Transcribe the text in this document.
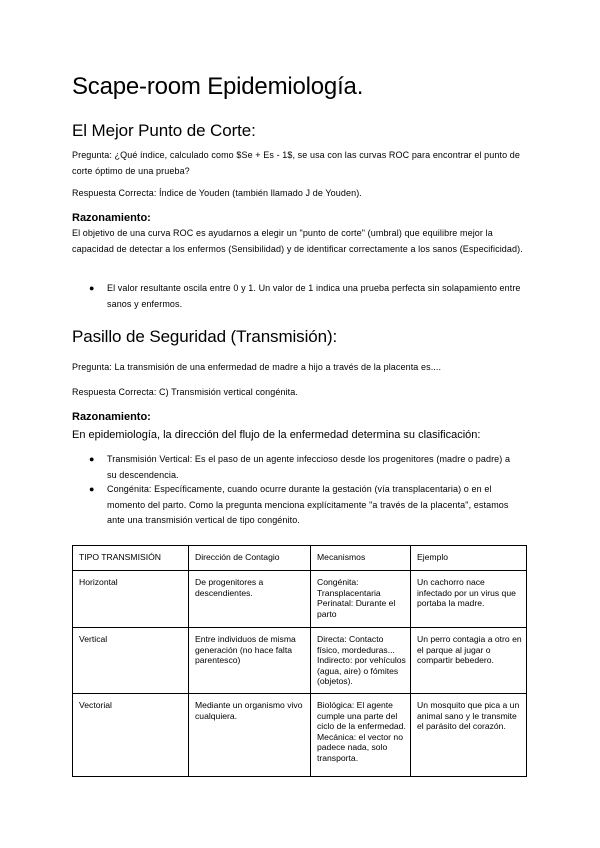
Scape-room Epidemiología.
El Mejor Punto de Corte:

Pregunta: ¿Qué índice, calculado como $Se + Es - 1$, se usa con las curvas ROC para encontrar el punto de corte óptimo de una prueba?

Respuesta Correcta: Índice de Youden (también llamado J de Youden).

Razonamiento:

El objetivo de una curva ROC es ayudarnos a elegir un "punto de corte" (umbral) que equilibre mejor la capacidad de detectar a los enfermos (Sensibilidad) y de identificar correctamente a los sanos (Especificidad).

●	El valor resultante oscila entre 0 y 1. Un valor de 1 indica una prueba perfecta sin solapamiento entre sanos y enfermos.
Pasillo de Seguridad (Transmisión):

Pregunta: La transmisión de una enfermedad de madre a hijo a través de la placenta es....

Respuesta Correcta: C) Transmisión vertical congénita.

Razonamiento:

En epidemiología, la dirección del flujo de la enfermedad determina su clasificación:

●	Transmisión Vertical: Es el paso de un agente infeccioso desde los progenitores (madre o padre) a su descendencia.
●	Congénita: Específicamente, cuando ocurre durante la gestación (vía transplacentaria) o en el momento del parto. Como la pregunta menciona explícitamente "a través de la placenta", estamos ante una transmisión vertical de tipo congénito.
TIPO TRANSMISIÓN	Dirección de Contagio	Mecanismos	Ejemplo
Horizontal	De progenitores a descendientes.	Congénita: Transplacentaria Perinatal: Durante el parto	Un cachorro nace infectado por un virus que portaba la madre.
Vertical	Entre individuos de misma generación (no hace falta parentesco)	Directa: Contacto físico, mordeduras... Indirecto: por vehículos (agua, aire) o fómites (objetos).	Un perro contagia a otro en el parque al jugar o compartir bebedero.
Vectorial	Mediante un organismo vivo cualquiera.	Biológica: El agente cumple una parte del ciclo de la enfermedad. Mecánica: el vector no padece nada, solo transporta.	Un mosquito que pica a un animal sano y le transmite el parásito del corazón.
